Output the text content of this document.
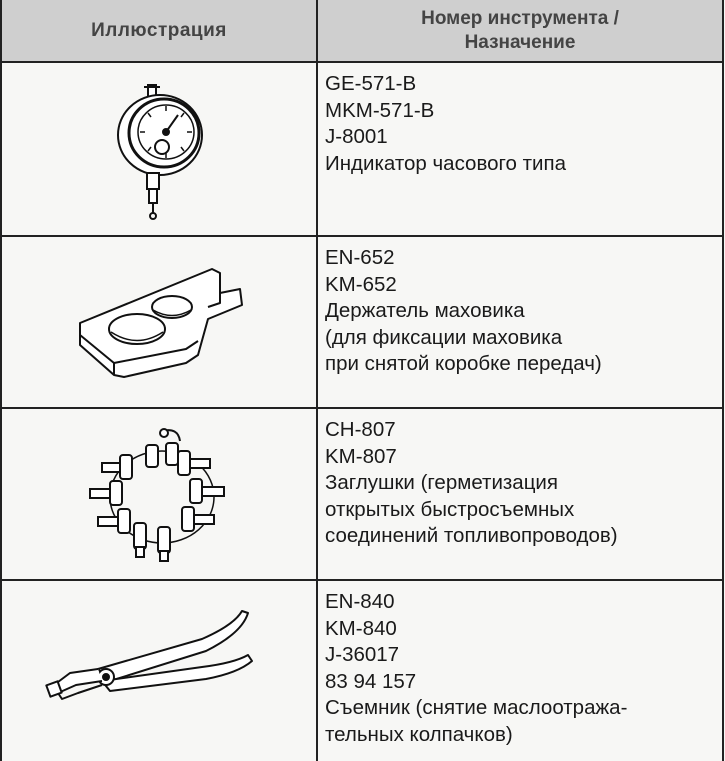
Иллюстрация
Номер инструмента /
Назначение
GE-571-B
MKM-571-B
J-8001
Индикатор часового типа
EN-652
KM-652
Держатель маховика
(для фиксации маховика
при снятой коробке передач)
CH-807
KM-807
Заглушки (герметизация
открытых быстросъемных
соединений топливопроводов)
EN-840
KM-840
J-36017
83 94 157
Съемник (снятие маслоотража-
тельных колпачков)
